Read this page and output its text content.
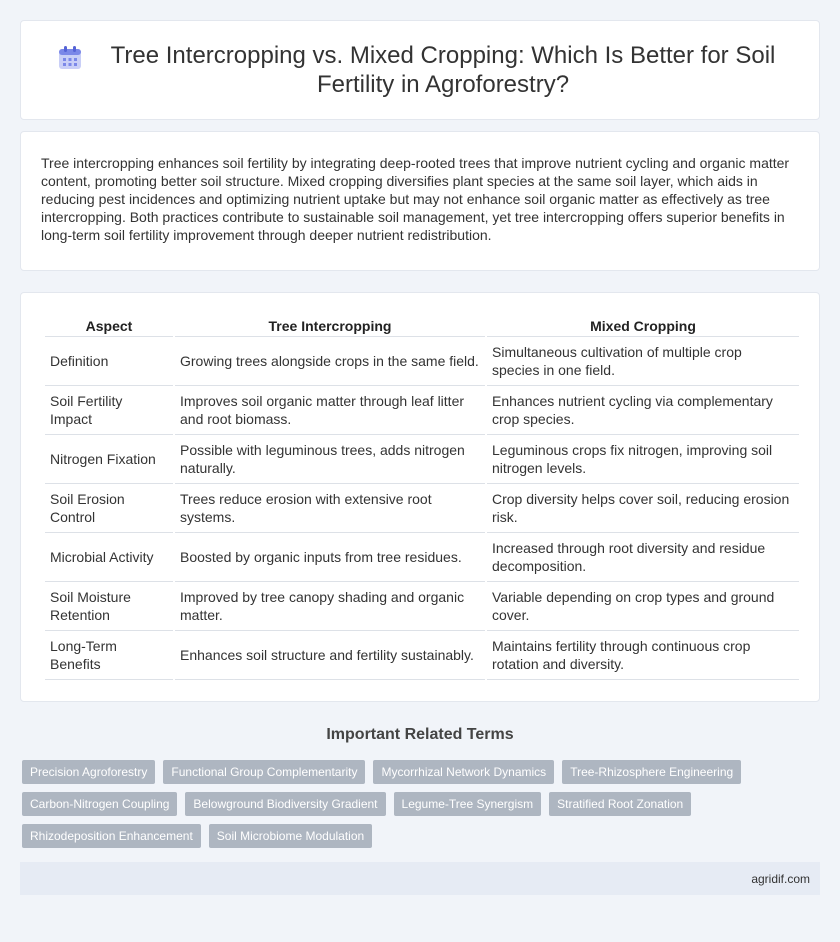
Tree Intercropping vs. Mixed Cropping: Which Is Better for Soil Fertility in Agroforestry?

Tree intercropping enhances soil fertility by integrating deep-rooted trees that improve nutrient cycling and organic matter content, promoting better soil structure. Mixed cropping diversifies plant species at the same soil layer, which aids in reducing pest incidences and optimizing nutrient uptake but may not enhance soil organic matter as effectively as tree intercropping. Both practices contribute to sustainable soil management, yet tree intercropping offers superior benefits in long-term soil fertility improvement through deeper nutrient redistribution.

Aspect	Tree Intercropping	Mixed Cropping
Definition	Growing trees alongside crops in the same field.	Simultaneous cultivation of multiple crop species in one field.
Soil Fertility Impact	Improves soil organic matter through leaf litter and root biomass.	Enhances nutrient cycling via complementary crop species.
Nitrogen Fixation	Possible with leguminous trees, adds nitrogen naturally.	Leguminous crops fix nitrogen, improving soil nitrogen levels.
Soil Erosion Control	Trees reduce erosion with extensive root systems.	Crop diversity helps cover soil, reducing erosion risk.
Microbial Activity	Boosted by organic inputs from tree residues.	Increased through root diversity and residue decomposition.
Soil Moisture Retention	Improved by tree canopy shading and organic matter.	Variable depending on crop types and ground cover.
Long-Term Benefits	Enhances soil structure and fertility sustainably.	Maintains fertility through continuous crop rotation and diversity.
Important Related Terms
Precision Agroforestry	Functional Group Complementarity	Mycorrhizal Network Dynamics	Tree-Rhizosphere Engineering
Carbon-Nitrogen Coupling	Belowground Biodiversity Gradient	Legume-Tree Synergism	Stratified Root Zonation
Rhizodeposition Enhancement	Soil Microbiome Modulation
agridif.com
